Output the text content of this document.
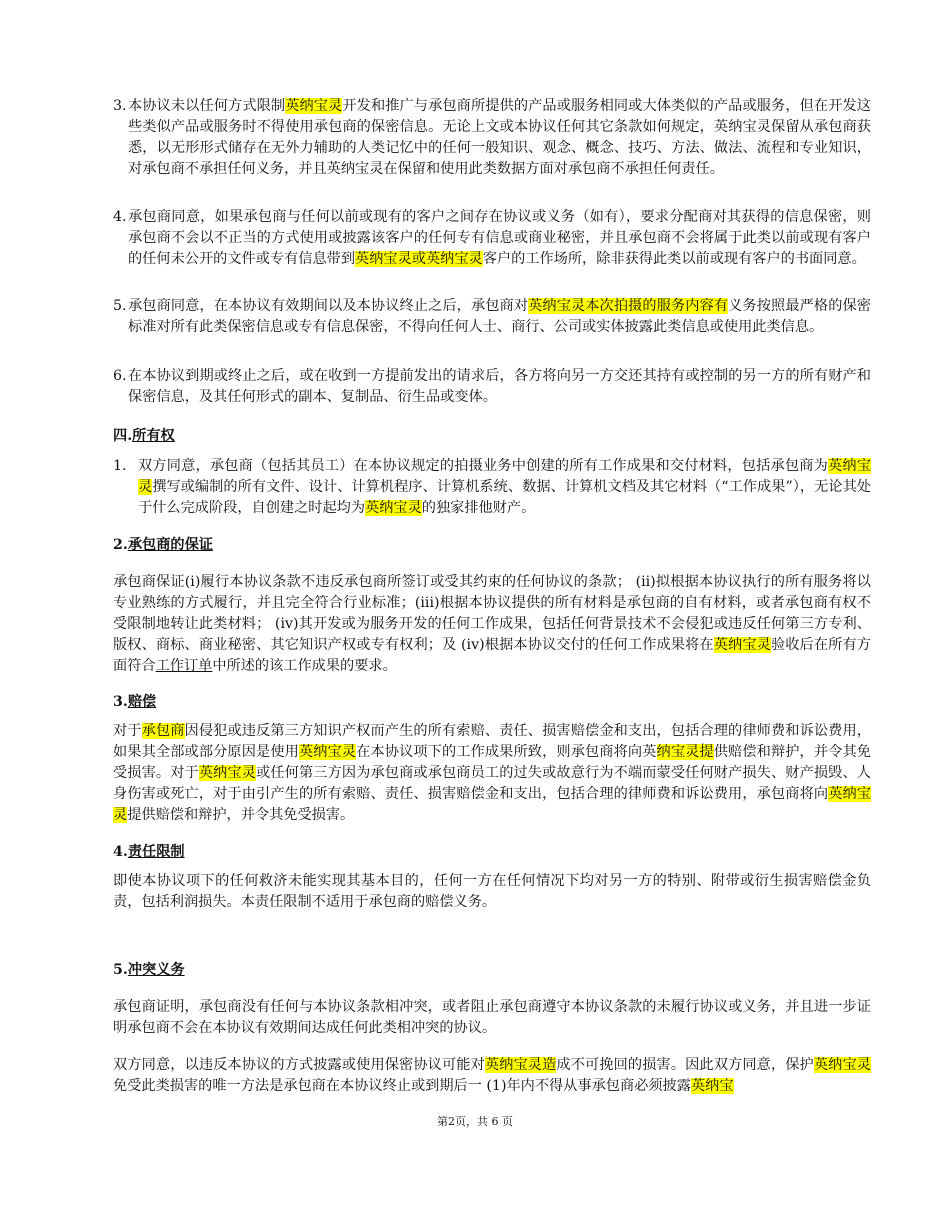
3. 本协议未以任何方式限制英纳宝灵开发和推广与承包商所提供的产品或服务相同或大体类似的产品或服务，但在开发这些类似产品或服务时不得使用承包商的保密信息。无论上文或本协议任何其它条款如何规定，英纳宝灵保留从承包商获悉，以无形形式储存在无外力辅助的人类记忆中的任何一般知识、观念、概念、技巧、方法、做法、流程和专业知识，对承包商不承担任何义务，并且英纳宝灵在保留和使用此类数据方面对承包商不承担任何责任。
4. 承包商同意，如果承包商与任何以前或现有的客户之间存在协议或义务（如有），要求分配商对其获得的信息保密，则承包商不会以不正当的方式使用或披露该客户的任何专有信息或商业秘密，并且承包商不会将属于此类以前或现有客户的任何未公开的文件或专有信息带到英纳宝灵或英纳宝灵客户的工作场所，除非获得此类以前或现有客户的书面同意。
5. 承包商同意，在本协议有效期间以及本协议终止之后，承包商对英纳宝灵本次拍摄的服务内容有义务按照最严格的保密标准对所有此类保密信息或专有信息保密，不得向任何人士、商行、公司或实体披露此类信息或使用此类信息。
6. 在本协议到期或终止之后，或在收到一方提前发出的请求后，各方将向另一方交还其持有或控制的另一方的所有财产和保密信息，及其任何形式的副本、复制品、衍生品或变体。
四.所有权
1. 双方同意，承包商（包括其员工）在本协议规定的拍摄业务中创建的所有工作成果和交付材料，包括承包商为英纳宝灵撰写或编制的所有文件、设计、计算机程序、计算机系统、数据、计算机文档及其它材料（“工作成果”），无论其处于什么完成阶段，自创建之时起均为英纳宝灵的独家排他财产。
2.承包商的保证
承包商保证(i)履行本协议条款不违反承包商所签订或受其约束的任何协议的条款； (ii)拟根据本协议执行的所有服务将以专业熟练的方式履行，并且完全符合行业标准；(iii)根据本协议提供的所有材料是承包商的自有材料，或者承包商有权不受限制地转让此类材料； (iv)其开发或为服务开发的任何工作成果，包括任何背景技术不会侵犯或违反任何第三方专利、版权、商标、商业秘密、其它知识产权或专有权利；及 (iv)根据本协议交付的任何工作成果将在英纳宝灵验收后在所有方面符合工作订单中所述的该工作成果的要求。
3.赔偿
对于承包商因侵犯或违反第三方知识产权而产生的所有索赔、责任、损害赔偿金和支出，包括合理的律师费和诉讼费用，如果其全部或部分原因是使用英纳宝灵在本协议项下的工作成果所致，则承包商将向英纳宝灵提供赔偿和辩护，并令其免受损害。对于英纳宝灵或任何第三方因为承包商或承包商员工的过失或故意行为不端而蒙受任何财产损失、财产损毁、人身伤害或死亡，对于由引产生的所有索赔、责任、损害赔偿金和支出，包括合理的律师费和诉讼费用，承包商将向英纳宝灵提供赔偿和辩护，并令其免受损害。
4.责任限制
即使本协议项下的任何救济未能实现其基本目的，任何一方在任何情况下均对另一方的特别、附带或衍生损害赔偿金负责，包括利润损失。本责任限制不适用于承包商的赔偿义务。
5.冲突义务
承包商证明，承包商没有任何与本协议条款相冲突，或者阻止承包商遵守本协议条款的未履行协议或义务，并且进一步证明承包商不会在本协议有效期间达成任何此类相冲突的协议。
双方同意，以违反本协议的方式披露或使用保密协议可能对英纳宝灵造成不可挽回的损害。因此双方同意，保护英纳宝灵免受此类损害的唯一方法是承包商在本协议终止或到期后一 (1)年内不得从事承包商必须披露英纳宝
第2页，共 6 页
